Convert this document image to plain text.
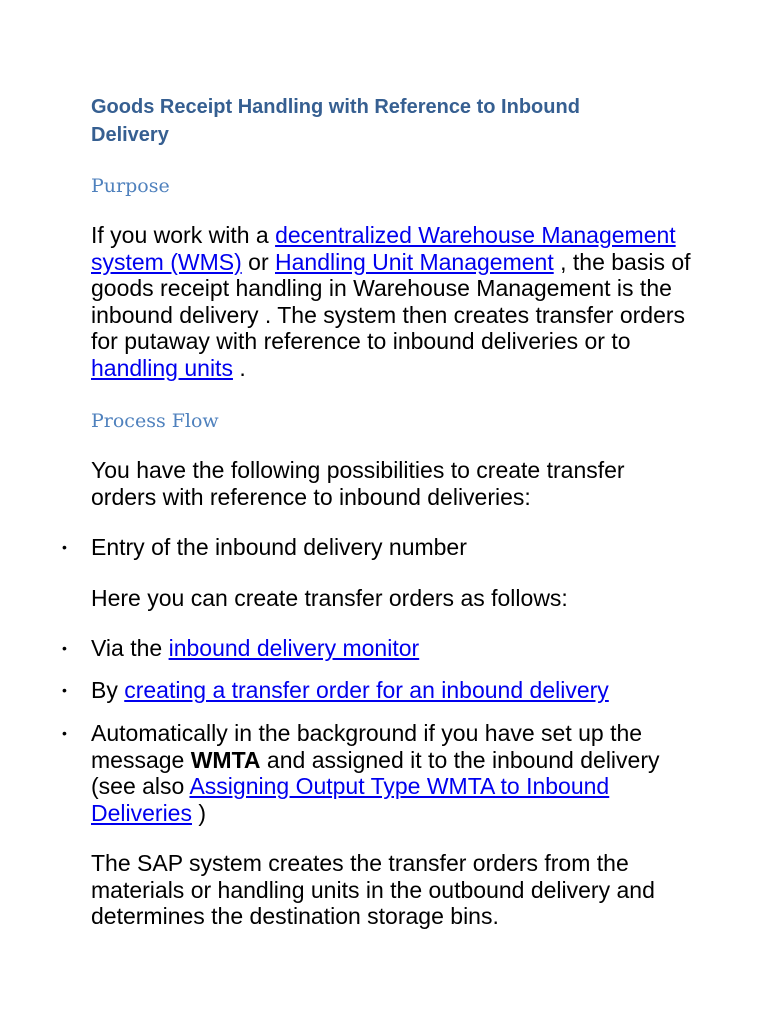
Goods Receipt Handling with Reference to Inbound Delivery
Purpose

If you work with a decentralized Warehouse Management system (WMS) or Handling Unit Management , the basis of goods receipt handling in Warehouse Management is the inbound delivery . The system then creates transfer orders for putaway with reference to inbound deliveries or to handling units .

Process Flow

You have the following possibilities to create transfer orders with reference to inbound deliveries:

• Entry of the inbound delivery number

Here you can create transfer orders as follows:

• Via the inbound delivery monitor

• By creating a transfer order for an inbound delivery

• Automatically in the background if you have set up the message WMTA and assigned it to the inbound delivery (see also Assigning Output Type WMTA to Inbound Deliveries )

The SAP system creates the transfer orders from the materials or handling units in the outbound delivery and determines the destination storage bins.
